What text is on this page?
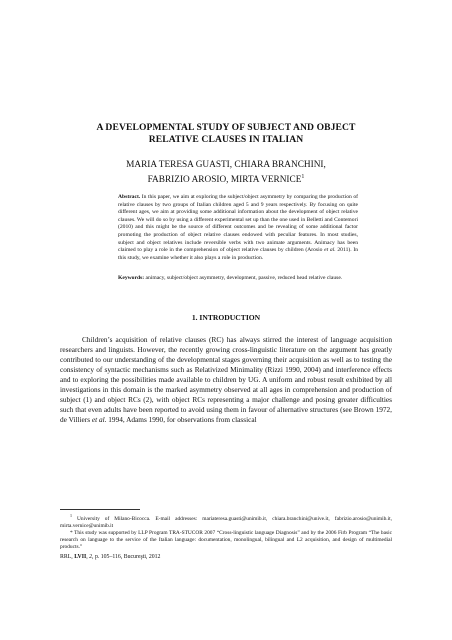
A DEVELOPMENTAL STUDY OF SUBJECT AND OBJECT
RELATIVE CLAUSES IN ITALIAN
MARIA TERESA GUASTI, CHIARA BRANCHINI,
FABRIZIO AROSIO, MIRTA VERNICE$^1$
Abstract. In this paper, we aim at exploring the subject/object asymmetry by comparing the production of relative clauses by two groups of Italian children aged 5 and 9 years respectively. By focusing on quite different ages, we aim at providing some additional information about the development of object relative clauses. We will do so by using a different experimental set up than the one used in Belletti and Contemori (2010) and this might be the source of different outcomes and be revealing of some additional factor promoting the production of object relative clauses endowed with peculiar features. In most studies, subject and object relatives include reversible verbs with two animate arguments. Animacy has been claimed to play a role in the comprehension of object relative clauses by children (Arosio et al. 2011). In this study, we examine whether it also plays a role in production.
Keywords: animacy, subject/object asymmetry, development, passive, reduced head relative clause.
1. INTRODUCTION
Children’s acquisition of relative clauses (RC) has always stirred the interest of language acquisition researchers and linguists. However, the recently growing cross-linguistic literature on the argument has greatly contributed to our understanding of the developmental stages governing their acquisition as well as to testing the consistency of syntactic mechanisms such as Relativized Minimality (Rizzi 1990, 2004) and interference effects and to exploring the possibilities made available to children by UG. A uniform and robust result exhibited by all investigations in this domain is the marked asymmetry observed at all ages in comprehension and production of subject (1) and object RCs (2), with object RCs representing a major challenge and posing greater difficulties such that even adults have been reported to avoid using them in favour of alternative structures (see Brown 1972, de Villiers et al. 1994, Adams 1990, for observations from classical

$^1$ University of Milano-Bicocca. E-mail addresses: mariateresa.guasti@unimib.it, chiara.branchini@unive.it, fabrizio.arosio@unimib.it, mirta.vernice@unimib.it

* This study was supported by LLP Program TRA-STUCOR 2007 “Cross-linguistic language Diagnosis” and by the 2006 Firb Program “The basic research on language to the service of the Italian language: documentation, monolingual, bilingual and L2 acquisition, and design of multimedial products.”

RRL, LVII, 2, p. 105–116, Bucureşti, 2012
